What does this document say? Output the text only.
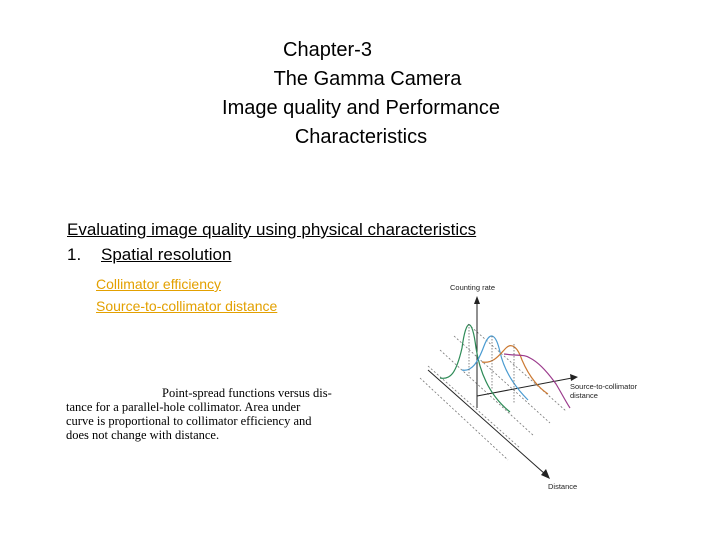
Chapter-3
The Gamma Camera
Image quality and Performance
Characteristics
Evaluating image quality using physical characteristics
1. Spatial resolution
Collimator efficiency
Source-to-collimator distance
Point-spread functions versus dis-
tance for a parallel-hole collimator. Area under
curve is proportional to collimator efficiency and
does not change with distance.
Counting rate
Source-to-collimator
distance
Distance
